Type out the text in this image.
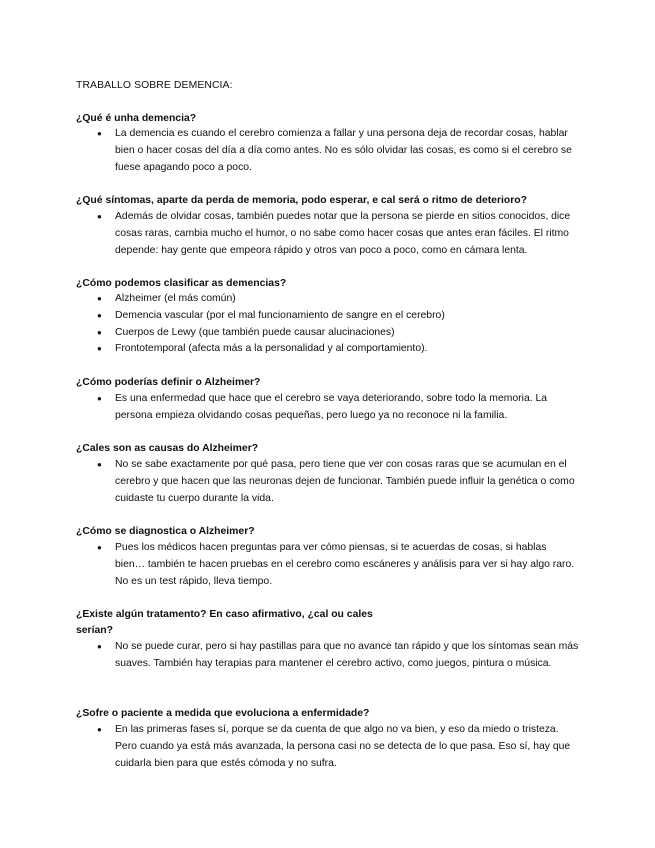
TRABALLO SOBRE DEMENCIA:
¿Qué é unha demencia?
● La demencia es cuando el cerebro comienza a fallar y una persona deja de recordar cosas, hablar bien o hacer cosas del día a día como antes. No es sólo olvidar las cosas, es como si el cerebro se fuese apagando poco a poco.
¿Qué síntomas, aparte da perda de memoria, podo esperar, e cal será o ritmo de deterioro?
● Además de olvidar cosas, también puedes notar que la persona se pierde en sitios conocidos, dice cosas raras, cambia mucho el humor, o no sabe como hacer cosas que antes eran fáciles. El ritmo depende: hay gente que empeora rápido y otros van poco a poco, como en cámara lenta.
¿Cómo podemos clasificar as demencias?
● Alzheimer (el más común)
● Demencia vascular (por el mal funcionamiento de sangre en el cerebro)
● Cuerpos de Lewy (que también puede causar alucinaciones)
● Frontotemporal (afecta más a la personalidad y al comportamiento).
¿Cómo poderías definir o Alzheimer?
● Es una enfermedad que hace que el cerebro se vaya deteriorando, sobre todo la memoria. La persona empieza olvidando cosas pequeñas, pero luego ya no reconoce ni la familia.
¿Cales son as causas do Alzheimer?
● No se sabe exactamente por qué pasa, pero tiene que ver con cosas raras que se acumulan en el cerebro y que hacen que las neuronas dejen de funcionar. También puede influir la genética o como cuidaste tu cuerpo durante la vida.
¿Cómo se diagnostica o Alzheimer?
● Pues los médicos hacen preguntas para ver cómo piensas, si te acuerdas de cosas, si hablas bien… también te hacen pruebas en el cerebro como escáneres y análisis para ver si hay algo raro. No es un test rápido, lleva tiempo.
¿Existe algún tratamento? En caso afirmativo, ¿cal ou cales serían?
● No se puede curar, pero si hay pastillas para que no avance tan rápido y que los síntomas sean más suaves. También hay terapias para mantener el cerebro activo, como juegos, pintura o música.
¿Sofre o paciente a medida que evoluciona a enfermidade?
● En las primeras fases sí, porque se da cuenta de que algo no va bien, y eso da miedo o tristeza. Pero cuando ya está más avanzada, la persona casi no se detecta de lo que pasa. Eso sí, hay que cuidarla bien para que estés cómoda y no sufra.
